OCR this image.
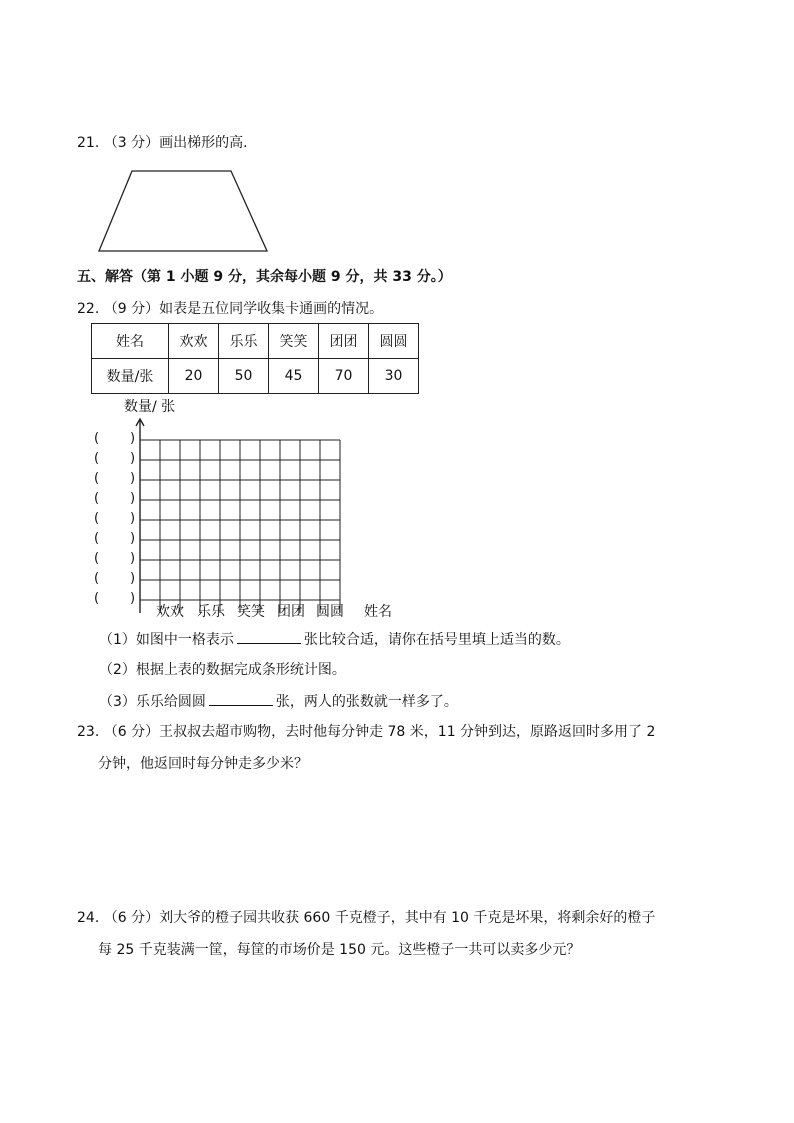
21. （3 分）画出梯形的高.
五、解答（第 1 小题 9 分，其余每小题 9 分，共 33 分。）
22. （9 分）如表是五位同学收集卡通画的情况。
姓名	欢欢	乐乐	笑笑	团团	圆圆
数量/张	20	50	45	70	30
数量/ 张
( )
( )
( )
( )
( )
( )
( )
( )
( )
欢欢 乐乐 笑笑 团团 圆圆 姓名
（1）如图中一格表示	张比较合适，请你在括号里填上适当的数。
（2）根据上表的数据完成条形统计图。
（3）乐乐给圆圆	张，两人的张数就一样多了。
23. （6 分）王叔叔去超市购物，去时他每分钟走 78 米，11 分钟到达，原路返回时多用了 2
分钟，他返回时每分钟走多少米？
24. （6 分）刘大爷的橙子园共收获 660 千克橙子，其中有 10 千克是坏果，将剩余好的橙子
每 25 千克装满一筐，每筐的市场价是 150 元。这些橙子一共可以卖多少元？
